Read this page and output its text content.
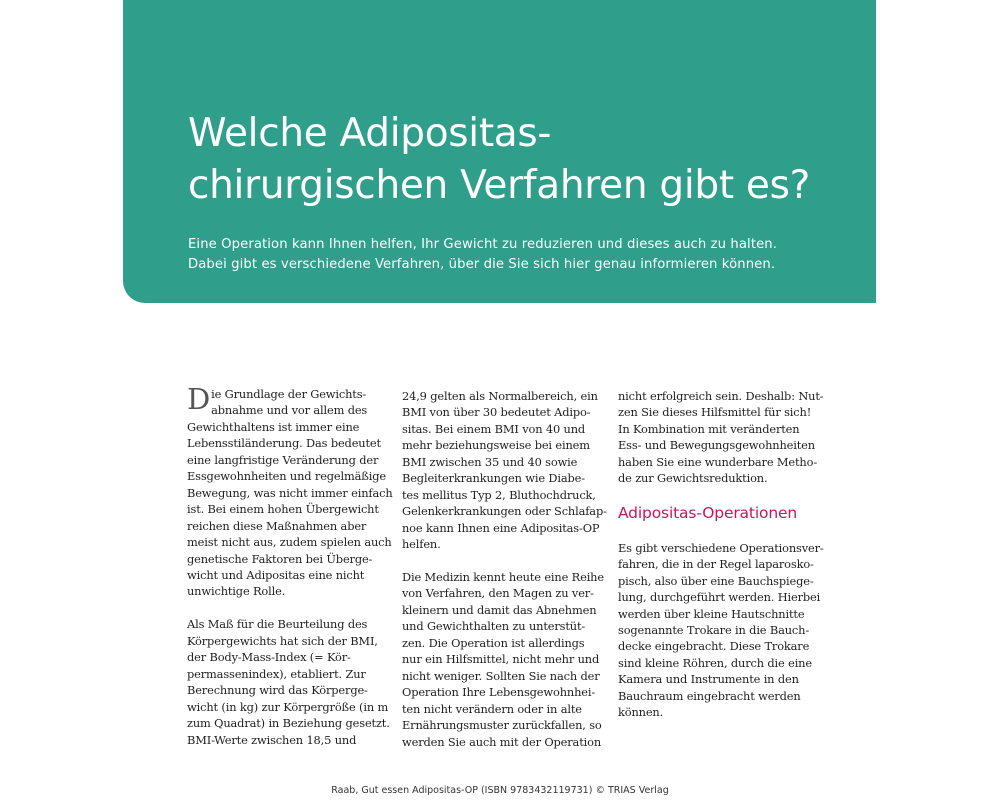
Welche Adipositas-
chirurgischen Verfahren gibt es?

Eine Operation kann Ihnen helfen, Ihr Gewicht zu reduzieren und dieses auch zu halten.
Dabei gibt es verschiedene Verfahren, über die Sie sich hier genau informieren können.

D ie Grundlage der Gewichts-
abnahme und vor allem des
Gewichthaltens ist immer eine
Lebensstiländerung. Das bedeutet
eine langfristige Veränderung der
Essgewohnheiten und regelmäßige
Bewegung, was nicht immer einfach
ist. Bei einem hohen Übergewicht
reichen diese Maßnahmen aber
meist nicht aus, zudem spielen auch
genetische Faktoren bei Überge-
wicht und Adipositas eine nicht
unwichtige Rolle.
Als Maß für die Beurteilung des
Körpergewichts hat sich der BMI,
der Body-Mass-Index (= Kör-
permassenindex), etabliert. Zur
Berechnung wird das Körperge-
wicht (in kg) zur Körpergröße (in m
zum Quadrat) in Beziehung gesetzt.
BMI-Werte zwischen 18,5 und
24,9 gelten als Normalbereich, ein
BMI von über 30 bedeutet Adipo-
sitas. Bei einem BMI von 40 und
mehr beziehungsweise bei einem
BMI zwischen 35 und 40 sowie
Begleiterkrankungen wie Diabe-
tes mellitus Typ 2, Bluthochdruck,
Gelenkerkrankungen oder Schlafap-
noe kann Ihnen eine Adipositas-OP
helfen.
Die Medizin kennt heute eine Reihe
von Verfahren, den Magen zu ver-
kleinern und damit das Abnehmen
und Gewichthalten zu unterstüt-
zen. Die Operation ist allerdings
nur ein Hilfsmittel, nicht mehr und
nicht weniger. Sollten Sie nach der
Operation Ihre Lebensgewohnhei-
ten nicht verändern oder in alte
Ernährungsmuster zurückfallen, so
werden Sie auch mit der Operation
nicht erfolgreich sein. Deshalb: Nut-
zen Sie dieses Hilfsmittel für sich!
In Kombination mit veränderten
Ess- und Bewegungsgewohnheiten
haben Sie eine wunderbare Metho-
de zur Gewichtsreduktion.
Adipositas-Operationen
Es gibt verschiedene Operationsver-
fahren, die in der Regel laparosko-
pisch, also über eine Bauchspiege-
lung, durchgeführt werden. Hierbei
werden über kleine Hautschnitte
sogenannte Trokare in die Bauch-
decke eingebracht. Diese Trokare
sind kleine Röhren, durch die eine
Kamera und Instrumente in den
Bauchraum eingebracht werden
können.
Raab, Gut essen Adipositas-OP (ISBN 9783432119731) © TRIAS Verlag
